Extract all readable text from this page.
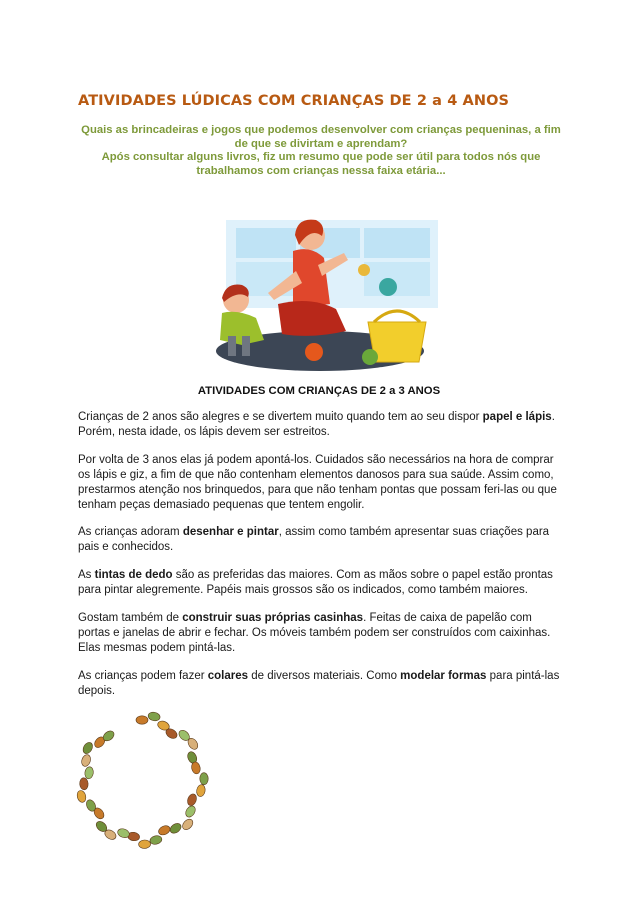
ATIVIDADES LÚDICAS COM CRIANÇAS DE 2 a 4 ANOS

Quais as brincadeiras e jogos que podemos desenvolver com crianças pequeninas, a fim de que se divirtam e aprendam?

Após consultar alguns livros, fiz um resumo que pode ser útil para todos nós que trabalhamos com crianças nessa faixa etária...

ATIVIDADES COM CRIANÇAS DE 2 a 3 ANOS

Crianças de 2 anos são alegres e se divertem muito quando tem ao seu dispor papel e lápis. Porém, nesta idade, os lápis devem ser estreitos.

Por volta de 3 anos elas já podem apontá-los. Cuidados são necessários na hora de comprar os lápis e giz, a fim de que não contenham elementos danosos para sua saúde. Assim como, prestarmos atenção nos brinquedos, para que não tenham pontas que possam feri-las ou que tenham peças demasiado pequenas que tentem engolir.

As crianças adoram desenhar e pintar, assim como também apresentar suas criações para pais e conhecidos.

As tintas de dedo são as preferidas das maiores. Com as mãos sobre o papel estão prontas para pintar alegremente. Papéis mais grossos são os indicados, como também maiores.

Gostam também de construir suas próprias casinhas. Feitas de caixa de papelão com portas e janelas de abrir e fechar. Os móveis também podem ser construídos com caixinhas. Elas mesmas podem pintá-las.

As crianças podem fazer colares de diversos materiais. Como modelar formas para pintá-las depois.
